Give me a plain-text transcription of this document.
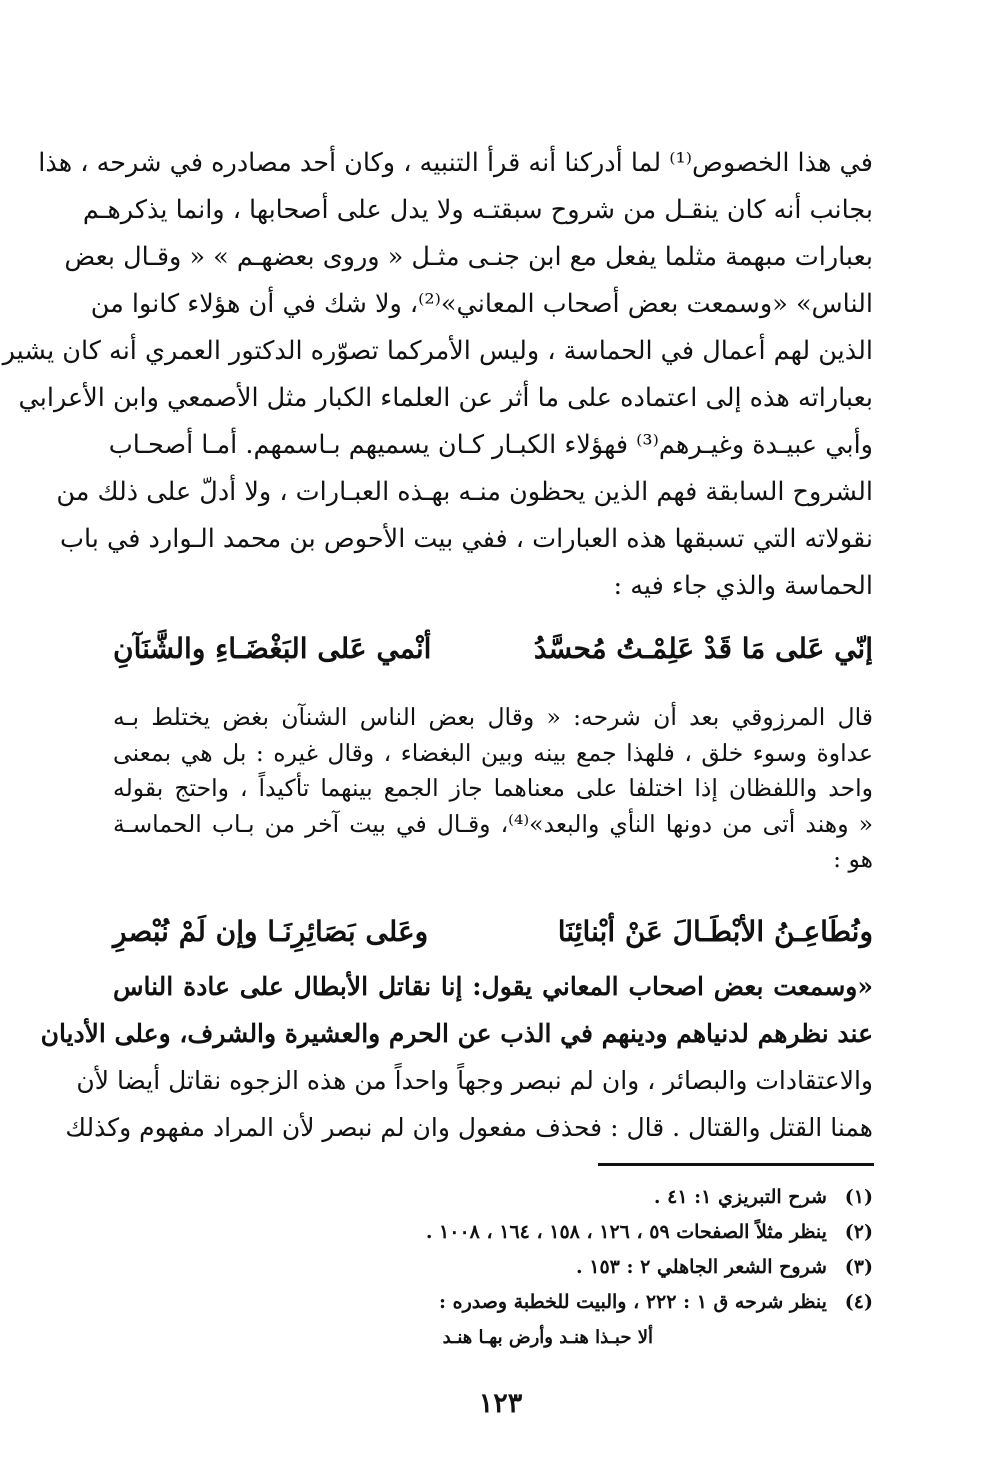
في هذا الخصوص⁽¹⁾ لما أدركنا أنه قرأ التنبيه ، وكان أحد مصادره في شرحه ، هذا
بجانب أنه كان ينقـل من شروح سبقتـه ولا يدل على أصحابها ، وانما يذكرهـم
بعبارات مبهمة مثلما يفعل مع ابن جنـى مثـل « وروى بعضهـم » « وقـال بعض
الناس» «وسمعت بعض أصحاب المعاني»⁽²⁾، ولا شك في أن هؤلاء كانوا من
الذين لهم أعمال في الحماسة ، وليس الأمركما تصوّره الدكتور العمري أنه كان يشير
بعباراته هذه إلى اعتماده على ما أثر عن العلماء الكبار مثل الأصمعي وابن الأعرابي
وأبي عبيـدة وغيـرهم⁽³⁾ فهؤلاء الكبـار كـان يسميهم بـاسمهم. أمـا أصحـاب
الشروح السابقة فهم الذين يحظون منـه بهـذه العبـارات ، ولا أدلّ على ذلك من
نقولاته التي تسبقها هذه العبارات ، ففي بيت الأحوص بن محمد الـوارد في باب
الحماسة والذي جاء فيه :
إنّي عَلى مَا قَدْ عَلِمْـتُ مُحسَّدُ
أنْمي عَلى البَغْضَـاءِ والشَّنَآنِ
قال المرزوقي بعد أن شرحه: « وقال بعض الناس الشنآن بغض يختلط بـه
عداوة وسوء خلق ، فلهذا جمع بينه وبين البغضاء ، وقال غيره : بل هي بمعنى
واحد واللفظان إذا اختلفا على معناهما جاز الجمع بينهما تأكيداً ، واحتج بقوله
« وهند أتى من دونها النأي والبعد»⁽⁴⁾، وقـال في بيت آخر من بـاب الحماسـة
هو :
ونُطَاعِـنُ الأبْطَـالَ عَنْ أبْنائِنَا
وعَلى بَصَائِرِنَـا وإن لَمْ نُبْصرِ
«وسمعت بعض اصحاب المعاني يقول: إنا نقاتل الأبطال على عادة الناس
عند نظرهم لدنياهم ودينهم في الذب عن الحرم والعشيرة والشرف، وعلى الأديان
والاعتقادات والبصائر ، وان لم نبصر وجهاً واحداً من هذه الزجوه نقاتل أيضا لأن
همنا القتل والقتال . قال : فحذف مفعول وان لم نبصر لأن المراد مفهوم وكذلك
(١) شرح التبريزي ١: ٤١ .
(٢) ينظر مثلاً الصفحات ٥٩ ، ١٢٦ ، ١٥٨ ، ١٦٤ ، ١٠٠٨ .
(٣) شروح الشعر الجاهلي ٢ : ١٥٣ .
(٤) ينظر شرحه ق ١ : ٢٢٢ ، والبيت للخطبة وصدره :
ألا حبـذا هنـد وأرض بهـا هنـد
١٢٣
